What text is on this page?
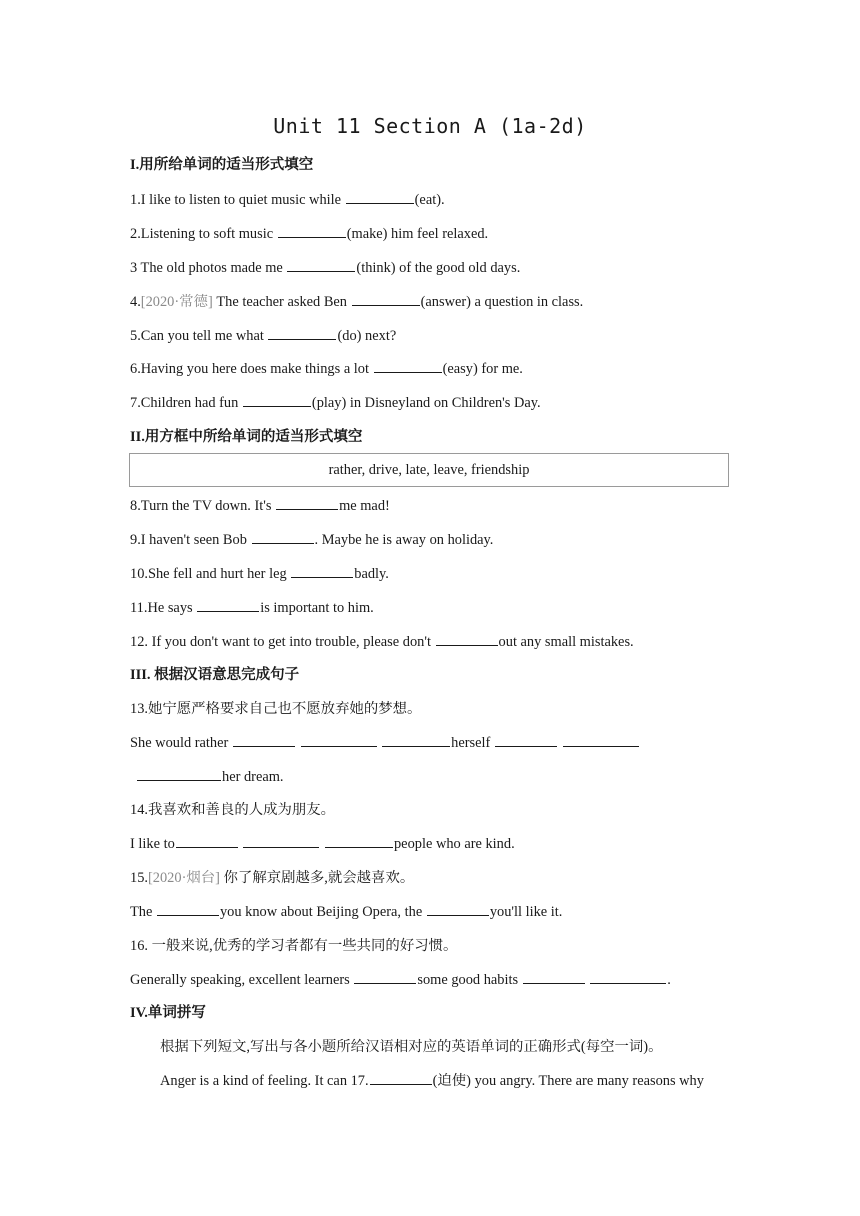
Unit 11 Section A (1a-2d)
I.用所给单词的适当形式填空
1.I like to listen to quiet music while	(eat).
2.Listening to soft music	(make) him feel relaxed.
3 The old photos made me	(think) of the good old days.
4.[2020·常德] The teacher asked Ben	(answer) a question in class.
5.Can you tell me what	(do) next?
6.Having you here does make things a lot	(easy) for me.
7.Children had fun	(play) in Disneyland on Children's Day.
II.用方框中所给单词的适当形式填空
rather, drive, late, leave, friendship
8.Turn the TV down. It's	me mad!
9.I haven't seen Bob	. Maybe he is away on holiday.
10.She fell and hurt her leg	badly.
11.He says	is important to him.
12. If you don't want to get into trouble, please don't	out any small mistakes.
III. 根据汉语意思完成句子
13.她宁愿严格要求自己也不愿放弃她的梦想。
She would rather	herself
her dream.
14.我喜欢和善良的人成为朋友。
I like to	people who are kind.
15.[2020·烟台] 你了解京剧越多,就会越喜欢。
The	you know about Beijing Opera, the	you'll like it.
16. 一般来说,优秀的学习者都有一些共同的好习惯。
Generally speaking, excellent learners	some good habits	.
IV.单词拼写
根据下列短文,写出与各小题所给汉语相对应的英语单词的正确形式(每空一词)。
Anger is a kind of feeling. It can 17.	(迫使) you angry. There are many reasons why
